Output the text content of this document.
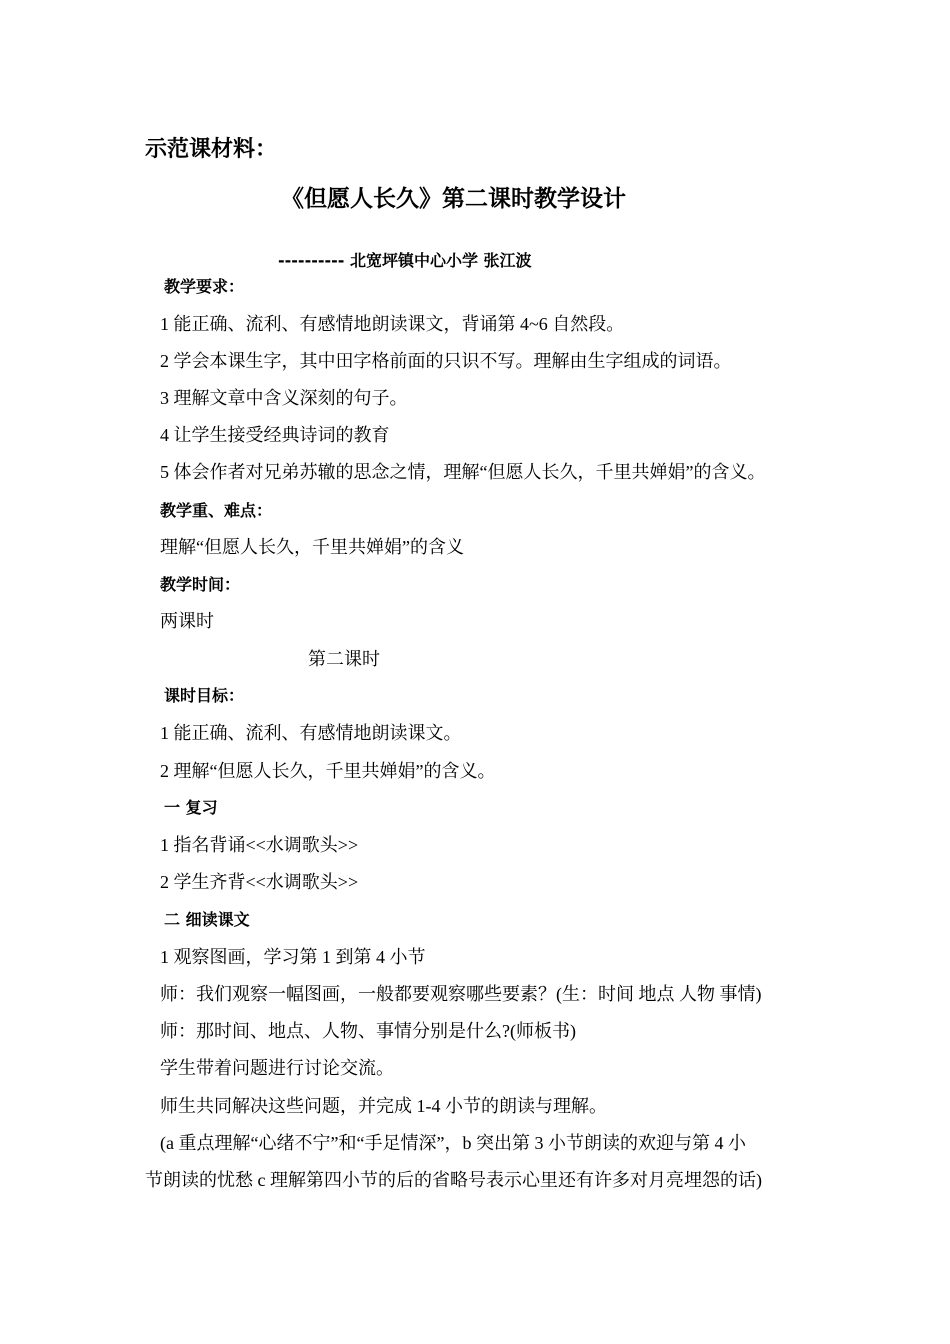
示范课材料：
《但愿人长久》第二课时教学设计
---------- 北宽坪镇中心小学 张江波
教学要求：
1 能正确、流利、有感情地朗读课文，背诵第 4~6 自然段。
2 学会本课生字，其中田字格前面的只识不写。理解由生字组成的词语。
3 理解文章中含义深刻的句子。
4 让学生接受经典诗词的教育
5 体会作者对兄弟苏辙的思念之情，理解“但愿人长久，千里共婵娟”的含义。
教学重、难点：
理解“但愿人长久，千里共婵娟”的含义
教学时间：
两课时
第二课时
课时目标：
1 能正确、流利、有感情地朗读课文。
2 理解“但愿人长久，千里共婵娟”的含义。
一 复习
1 指名背诵<<水调歌头>>
2 学生齐背<<水调歌头>>
二 细读课文
1 观察图画，学习第 1 到第 4 小节
师：我们观察一幅图画，一般都要观察哪些要素？(生：时间 地点 人物 事情)
师：那时间、地点、人物、事情分别是什么?(师板书)
学生带着问题进行讨论交流。
师生共同解决这些问题，并完成 1-4 小节的朗读与理解。
(a 重点理解“心绪不宁”和“手足情深”，b 突出第 3 小节朗读的欢迎与第 4 小
节朗读的忧愁 c 理解第四小节的后的省略号表示心里还有许多对月亮埋怨的话)
